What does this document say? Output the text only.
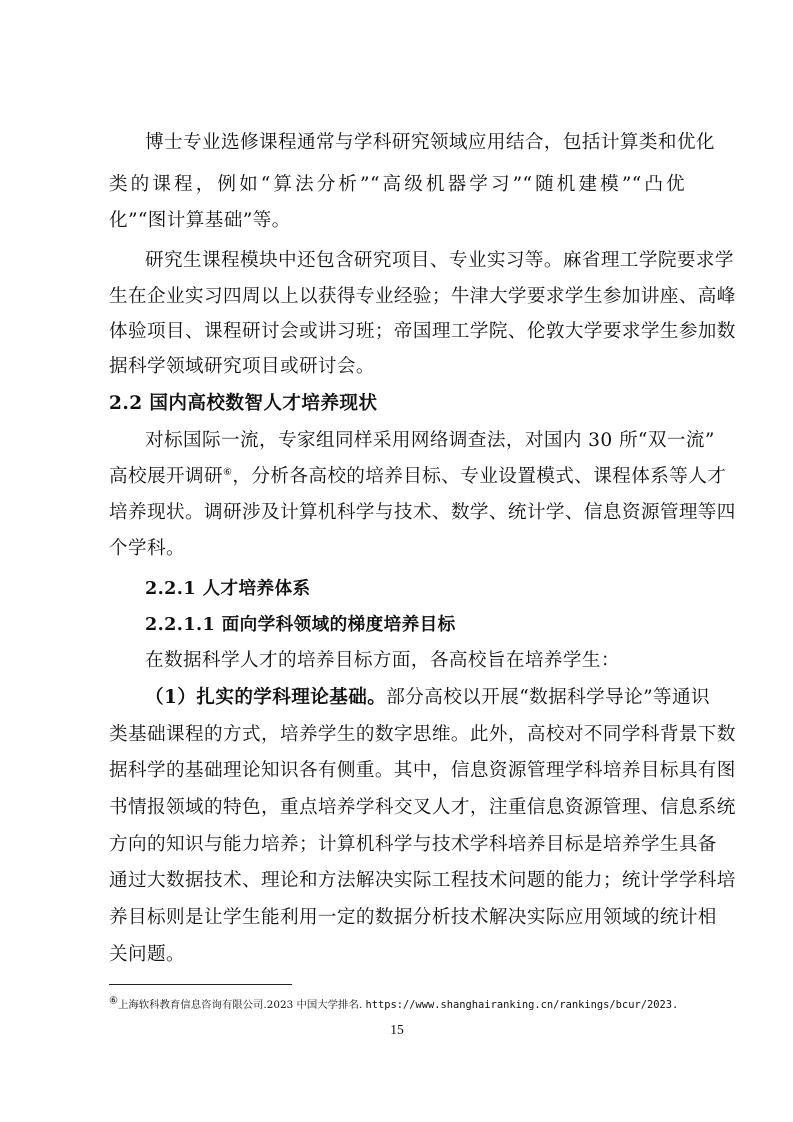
博士专业选修课程通常与学科研究领域应用结合，包括计算类和优化
类的课程，例如“算法分析”“高级机器学习”“随机建模”“凸优
化”“图计算基础”等。
研究生课程模块中还包含研究项目、专业实习等。麻省理工学院要求学
生在企业实习四周以上以获得专业经验；牛津大学要求学生参加讲座、高峰
体验项目、课程研讨会或讲习班；帝国理工学院、伦敦大学要求学生参加数
据科学领域研究项目或研讨会。
2.2 国内高校数智人才培养现状
对标国际一流，专家组同样采用网络调查法，对国内 30 所“双一流”
高校展开调研⑥，分析各高校的培养目标、专业设置模式、课程体系等人才
培养现状。调研涉及计算机科学与技术、数学、统计学、信息资源管理等四
个学科。
2.2.1 人才培养体系
2.2.1.1 面向学科领域的梯度培养目标
在数据科学人才的培养目标方面，各高校旨在培养学生：
（1）扎实的学科理论基础。部分高校以开展“数据科学导论”等通识
类基础课程的方式，培养学生的数字思维。此外，高校对不同学科背景下数
据科学的基础理论知识各有侧重。其中，信息资源管理学科培养目标具有图
书情报领域的特色，重点培养学科交叉人才，注重信息资源管理、信息系统
方向的知识与能力培养；计算机科学与技术学科培养目标是培养学生具备
通过大数据技术、理论和方法解决实际工程技术问题的能力；统计学学科培
养目标则是让学生能利用一定的数据分析技术解决实际应用领域的统计相
关问题。
⑥上海软科教育信息咨询有限公司.2023 中国大学排名. https://www.shanghairanking.cn/rankings/bcur/2023.
15
